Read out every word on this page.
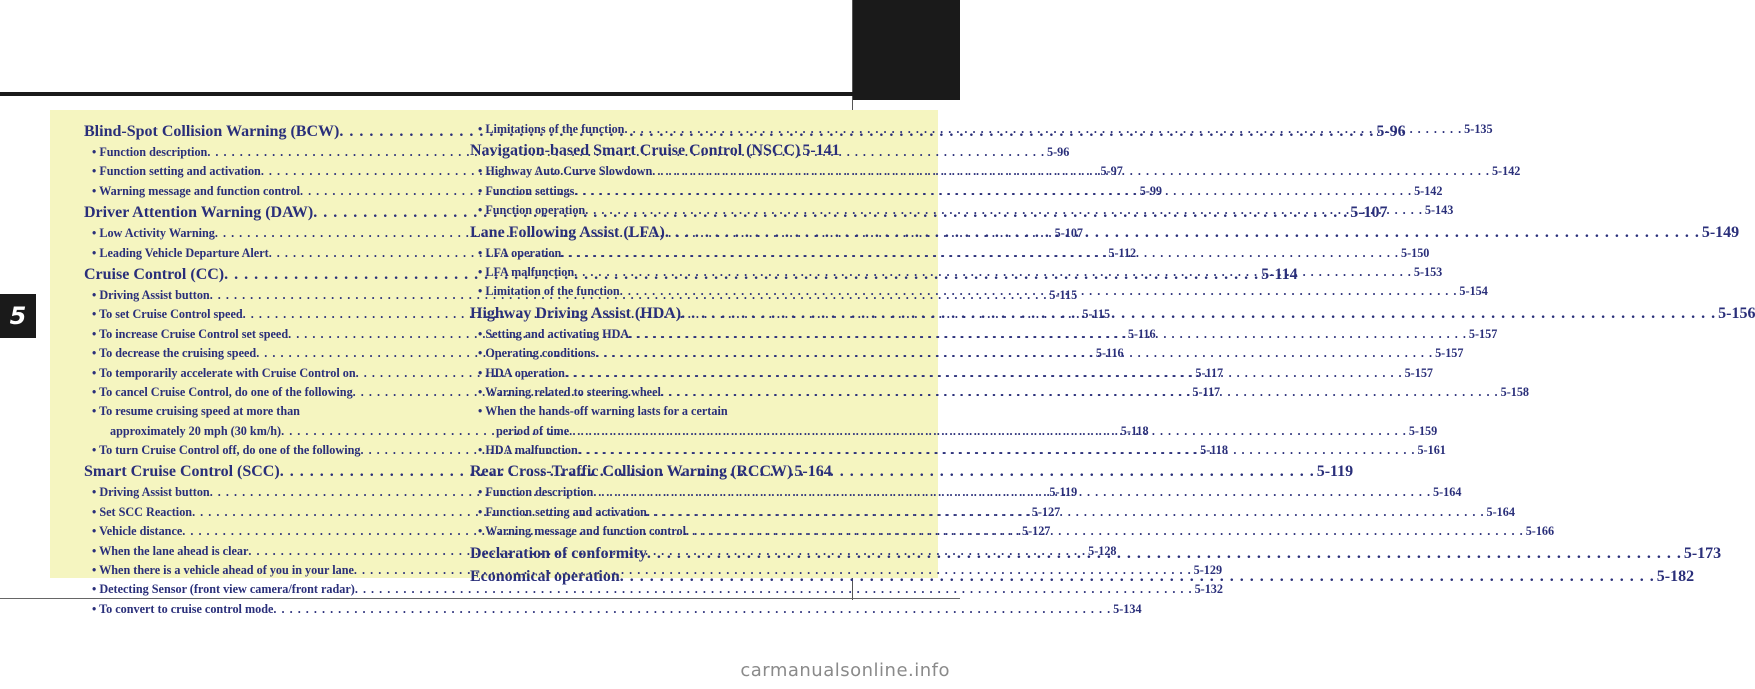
5
Blind-Spot Collision Warning (BCW) . . .	5-96
• Function description . . .	5-96
• Function setting and activation . . .	5-97
• Warning message and function control . . .	5-99
Driver Attention Warning (DAW) . . .	5-107
• Low Activity Warning . . .	5-107
• Leading Vehicle Departure Alert . . .	5-112
Cruise Control (CC) . . .	5-114
• Driving Assist button . . .	5-115
• To set Cruise Control speed . . .	5-115
• To increase Cruise Control set speed . . .	5-116
• To decrease the cruising speed . . .	5-116
• To temporarily accelerate with Cruise Control on . . .	5-117
• To cancel Cruise Control, do one of the following . . .	5-117
• To resume cruising speed at more than
approximately 20 mph (30 km/h) . . .	5-118
• To turn Cruise Control off, do one of the following . . .	5-118
Smart Cruise Control (SCC) . . .	5-119
• Driving Assist button . . .	5-119
• Set SCC Reaction . . .	5-127
• Vehicle distance . . .	5-127
• When the lane ahead is clear . . .	5-128
• When there is a vehicle ahead of you in your lane . . .	5-129
• Detecting Sensor (front view camera/front radar) . . .	5-132
• To convert to cruise control mode . . .	5-134
• Limitations of the function . . .	5-135
Navigation-based Smart Cruise Control (NSCC) 5-141
• Highway Auto Curve Slowdown . . .	5-142
• Function settings . . .	5-142
• Function operation . . .	5-143
Lane Following Assist (LFA) . . .	5-149
• LFA operation . . .	5-150
• LFA malfunction . . .	5-153
• Limitation of the function . . .	5-154
Highway Driving Assist (HDA) . . .	5-156
• Setting and activating HDA . . .	5-157
• Operating conditions . . .	5-157
• HDA operation . . .	5-157
• Warning related to steering wheel . . .	5-158
• When the hands-off warning lasts for a certain
period of time . . .	5-159
• HDA malfunction . . .	5-161
Rear Cross-Traffic Collision Warning (RCCW) 5-164
• Function description . . .	5-164
• Function setting and activation . . .	5-164
• Warning message and function control . . .	5-166
Declaration of conformity . . .	5-173
Economical operation . . .	5-182
carmanualsonline.info
